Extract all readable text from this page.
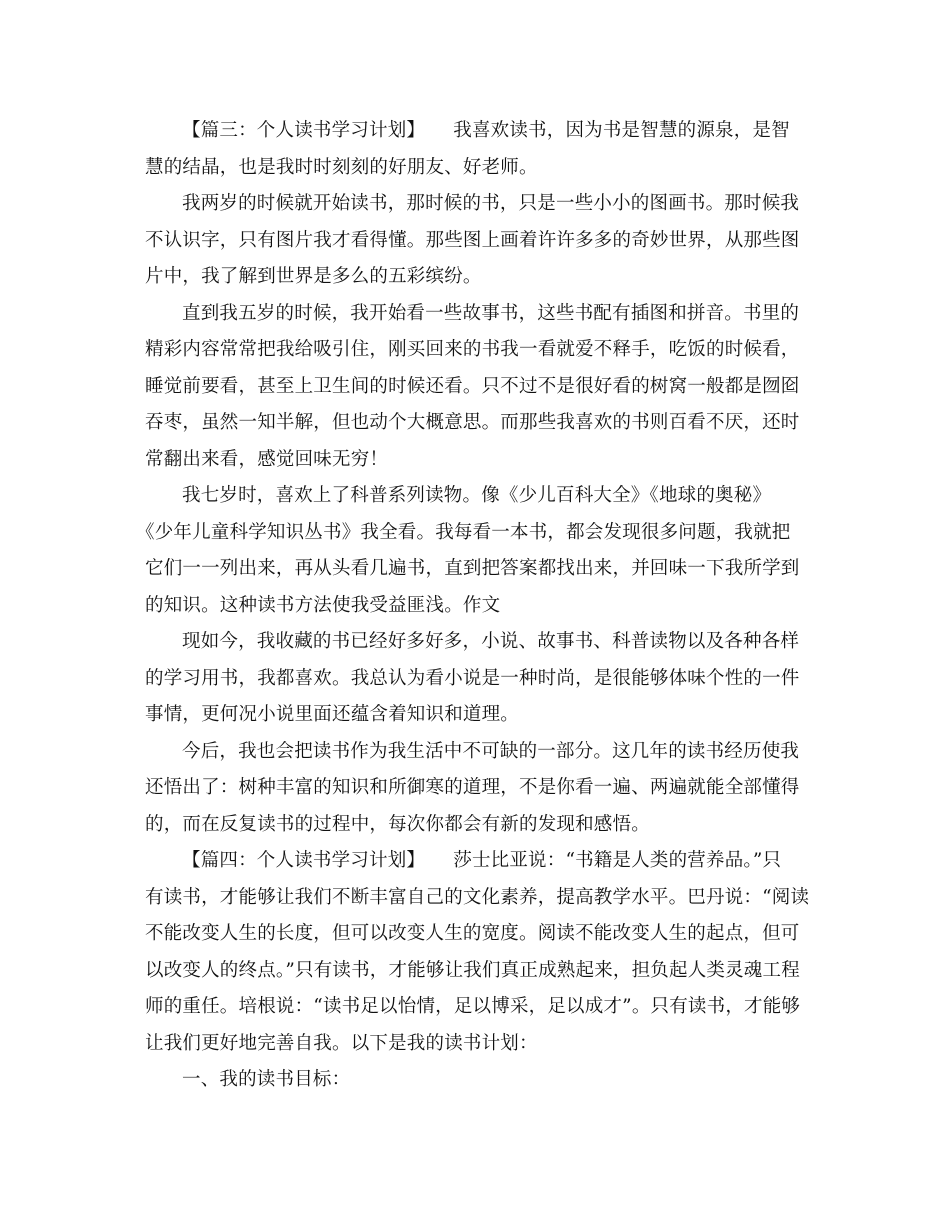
【篇三：个人读书学习计划】　　我喜欢读书，因为书是智慧的源泉，是智
慧的结晶，也是我时时刻刻的好朋友、好老师。

我两岁的时候就开始读书，那时候的书，只是一些小小的图画书。那时候我
不认识字，只有图片我才看得懂。那些图上画着许许多多的奇妙世界，从那些图
片中，我了解到世界是多么的五彩缤纷。

直到我五岁的时候，我开始看一些故事书，这些书配有插图和拼音。书里的
精彩内容常常把我给吸引住，刚买回来的书我一看就爱不释手，吃饭的时候看，
睡觉前要看，甚至上卫生间的时候还看。只不过不是很好看的树窝一般都是囫囵
吞枣，虽然一知半解，但也动个大概意思。而那些我喜欢的书则百看不厌，还时
常翻出来看，感觉回味无穷！

我七岁时，喜欢上了科普系列读物。像《少儿百科大全》《地球的奥秘》
《少年儿童科学知识丛书》我全看。我每看一本书，都会发现很多问题，我就把
它们一一列出来，再从头看几遍书，直到把答案都找出来，并回味一下我所学到
的知识。这种读书方法使我受益匪浅。作文

现如今，我收藏的书已经好多好多，小说、故事书、科普读物以及各种各样
的学习用书，我都喜欢。我总认为看小说是一种时尚，是很能够体味个性的一件
事情，更何况小说里面还蕴含着知识和道理。

今后，我也会把读书作为我生活中不可缺的一部分。这几年的读书经历使我
还悟出了：树种丰富的知识和所御寒的道理，不是你看一遍、两遍就能全部懂得
的，而在反复读书的过程中，每次你都会有新的发现和感悟。

【篇四：个人读书学习计划】　　莎士比亚说：“书籍是人类的营养品。”只
有读书，才能够让我们不断丰富自己的文化素养，提高教学水平。巴丹说：“阅读
不能改变人生的长度，但可以改变人生的宽度。阅读不能改变人生的起点，但可
以改变人的终点。”只有读书，才能够让我们真正成熟起来，担负起人类灵魂工程
师的重任。培根说：“读书足以怡情，足以博采，足以成才”。只有读书，才能够
让我们更好地完善自我。以下是我的读书计划：

一、我的读书目标：
